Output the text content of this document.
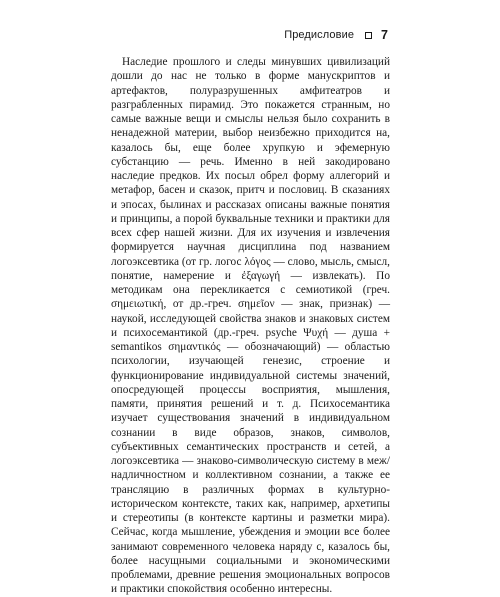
Предисловие 7

Наследие прошлого и следы минувших цивилизаций дошли до нас не только в форме манускриптов и артефактов, полуразрушенных амфитеатров и разграбленных пирамид. Это покажется странным, но самые важные вещи и смыслы нельзя было сохранить в ненадежной материи, выбор неизбежно приходится на, казалось бы, еще более хрупкую и эфемерную субстанцию — речь. Именно в ней закодировано наследие предков. Их посыл обрел форму аллегорий и метафор, басен и сказок, притч и пословиц. В сказаниях и эпосах, былинах и рассказах описаны важные понятия и принципы, а порой буквальные техники и практики для всех сфер нашей жизни. Для их изучения и извлечения формируется научная дисциплина под названием логоэксевтика (от гр. логос λόγος — слово, мысль, смысл, понятие, намерение и ἐξαγωγή — извлекать). По методикам она перекликается с семиотикой (греч. σημειωτική, от др.-греч. σημεῖον — знак, признак) — наукой, исследующей свойства знаков и знаковых систем и психосемантикой (др.-греч. psyche Ψυχή — душа + semantikos σημαντικός — обозначающий) — областью психологии, изучающей генезис, строение и функционирование индивидуальной системы значений, опосредующей процессы восприятия, мышления, памяти, принятия решений и т. д. Психосемантика изучает существования значений в индивидуальном сознании в виде образов, знаков, символов, субъективных семантических пространств и сетей, а логоэксевтика — знаково-символическую систему в меж/надличностном и коллективном сознании, а также ее трансляцию в различных формах в культурно-историческом контексте, таких как, например, архетипы и стереотипы (в контексте картины и разметки мира). Сейчас, когда мышление, убеждения и эмоции все более занимают современного человека наряду с, казалось бы, более насущными социальными и экономическими проблемами, древние решения эмоциональных вопросов и практики спокойствия особенно интересны.
